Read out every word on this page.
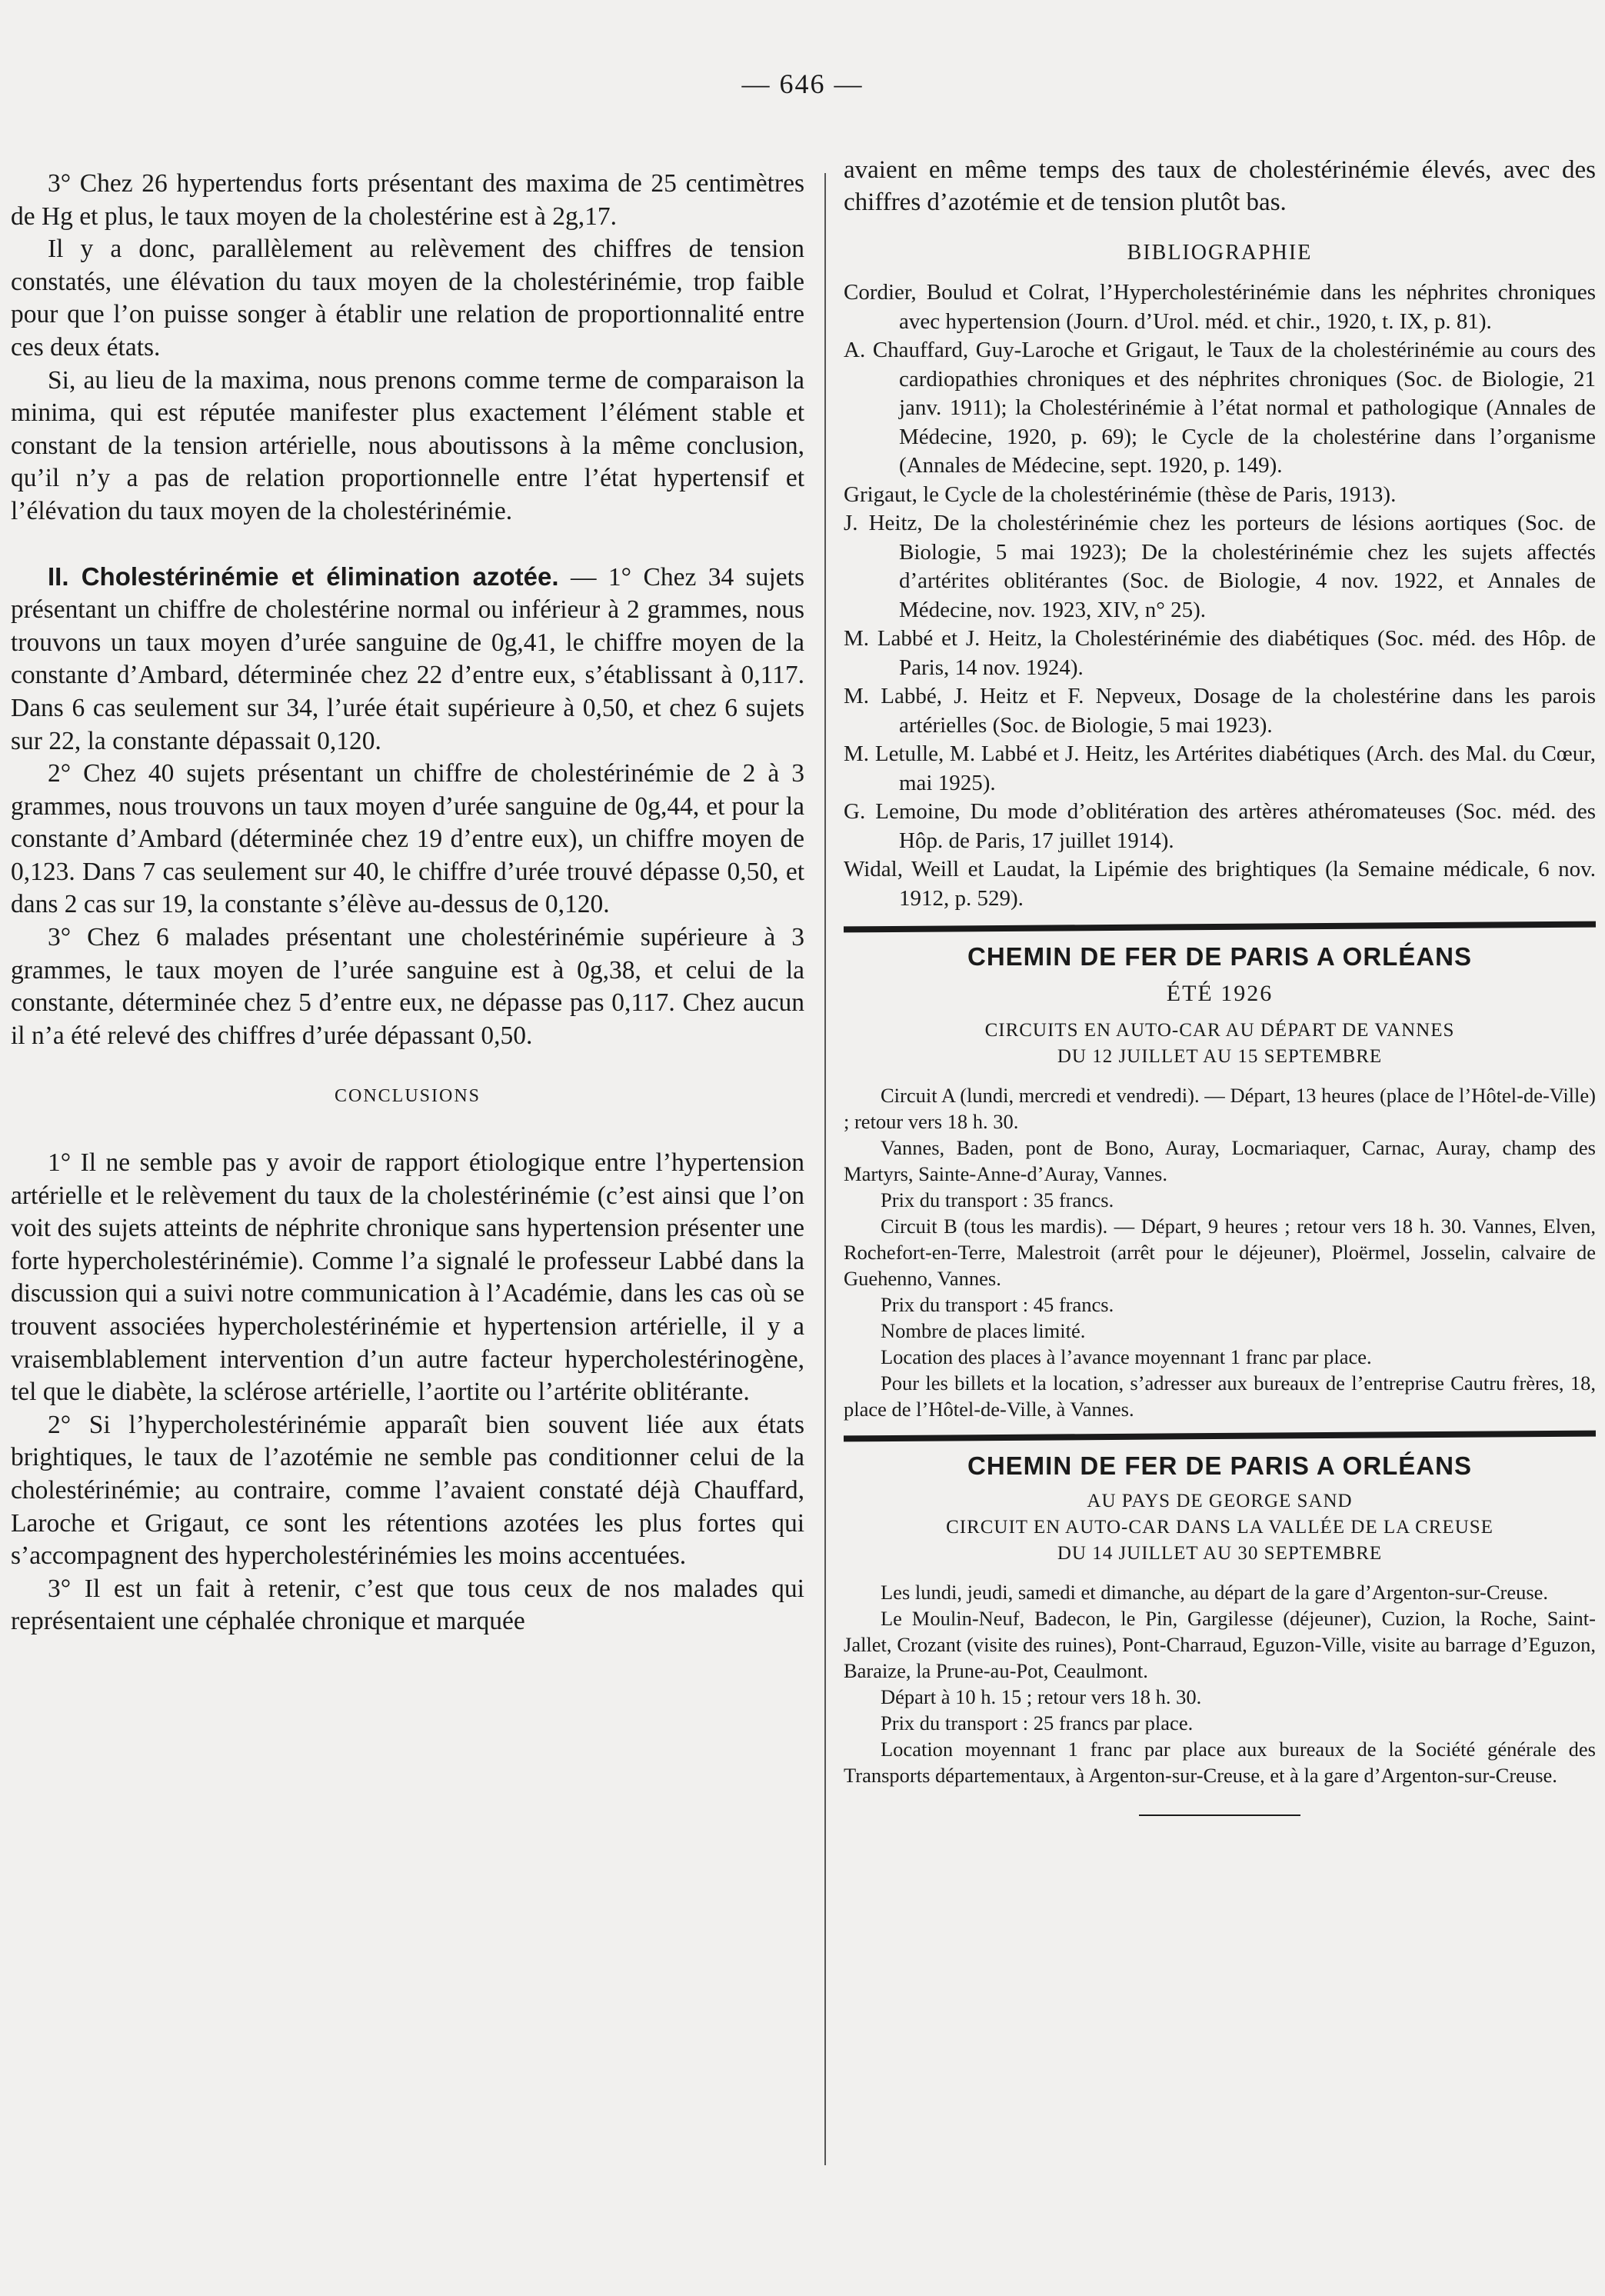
— 646 —

3° Chez 26 hypertendus forts présentant des maxima de 25 centimètres de Hg et plus, le taux moyen de la cholestérine est à 2g,17.

Il y a donc, parallèlement au relèvement des chiffres de tension constatés, une élévation du taux moyen de la cholestérinémie, trop faible pour que l’on puisse songer à établir une relation de proportionnalité entre ces deux états.

Si, au lieu de la maxima, nous prenons comme terme de comparaison la minima, qui est réputée manifester plus exactement l’élément stable et constant de la tension artérielle, nous aboutissons à la même conclusion, qu’il n’y a pas de relation proportionnelle entre l’état hypertensif et l’élévation du taux moyen de la cholestérinémie.

II. Cholestérinémie et élimination azotée. — 1° Chez 34 sujets présentant un chiffre de cholestérine normal ou inférieur à 2 grammes, nous trouvons un taux moyen d’urée sanguine de 0g,41, le chiffre moyen de la constante d’Ambard, déterminée chez 22 d’entre eux, s’établissant à 0,117. Dans 6 cas seulement sur 34, l’urée était supérieure à 0,50, et chez 6 sujets sur 22, la constante dépassait 0,120.

2° Chez 40 sujets présentant un chiffre de cholestérinémie de 2 à 3 grammes, nous trouvons un taux moyen d’urée sanguine de 0g,44, et pour la constante d’Ambard (déterminée chez 19 d’entre eux), un chiffre moyen de 0,123. Dans 7 cas seulement sur 40, le chiffre d’urée trouvé dépasse 0,50, et dans 2 cas sur 19, la constante s’élève au-dessus de 0,120.

3° Chez 6 malades présentant une cholestérinémie supérieure à 3 grammes, le taux moyen de l’urée sanguine est à 0g,38, et celui de la constante, déterminée chez 5 d’entre eux, ne dépasse pas 0,117. Chez aucun il n’a été relevé des chiffres d’urée dépassant 0,50.

CONCLUSIONS

1° Il ne semble pas y avoir de rapport étiologique entre l’hypertension artérielle et le relèvement du taux de la cholestérinémie (c’est ainsi que l’on voit des sujets atteints de néphrite chronique sans hypertension présenter une forte hypercholestérinémie). Comme l’a signalé le professeur Labbé dans la discussion qui a suivi notre communication à l’Académie, dans les cas où se trouvent associées hypercholestérinémie et hypertension artérielle, il y a vraisemblablement intervention d’un autre facteur hypercholestérinogène, tel que le diabète, la sclérose artérielle, l’aortite ou l’artérite oblitérante.

2° Si l’hypercholestérinémie apparaît bien souvent liée aux états brightiques, le taux de l’azotémie ne semble pas conditionner celui de la cholestérinémie; au contraire, comme l’avaient constaté déjà Chauffard, Laroche et Grigaut, ce sont les rétentions azotées les plus fortes qui s’accompagnent des hypercholestérinémies les moins accentuées.

3° Il est un fait à retenir, c’est que tous ceux de nos malades qui représentaient une céphalée chronique et marquée

avaient en même temps des taux de cholestérinémie élevés, avec des chiffres d’azotémie et de tension plutôt bas.

BIBLIOGRAPHIE

Cordier, Boulud et Colrat, l’Hypercholestérinémie dans les néphrites chroniques avec hypertension (Journ. d’Urol. méd. et chir., 1920, t. IX, p. 81).

A. Chauffard, Guy-Laroche et Grigaut, le Taux de la cholestérinémie au cours des cardiopathies chroniques et des néphrites chroniques (Soc. de Biologie, 21 janv. 1911); la Cholestérinémie à l’état normal et pathologique (Annales de Médecine, 1920, p. 69); le Cycle de la cholestérine dans l’organisme (Annales de Médecine, sept. 1920, p. 149).

Grigaut, le Cycle de la cholestérinémie (thèse de Paris, 1913).

J. Heitz, De la cholestérinémie chez les porteurs de lésions aortiques (Soc. de Biologie, 5 mai 1923); De la cholestérinémie chez les sujets affectés d’artérites oblitérantes (Soc. de Biologie, 4 nov. 1922, et Annales de Médecine, nov. 1923, XIV, n° 25).

M. Labbé et J. Heitz, la Cholestérinémie des diabétiques (Soc. méd. des Hôp. de Paris, 14 nov. 1924).

M. Labbé, J. Heitz et F. Nepveux, Dosage de la cholestérine dans les parois artérielles (Soc. de Biologie, 5 mai 1923).

M. Letulle, M. Labbé et J. Heitz, les Artérites diabétiques (Arch. des Mal. du Cœur, mai 1925).

G. Lemoine, Du mode d’oblitération des artères athéromateuses (Soc. méd. des Hôp. de Paris, 17 juillet 1914).

Widal, Weill et Laudat, la Lipémie des brightiques (la Semaine médicale, 6 nov. 1912, p. 529).

CHEMIN DE FER DE PARIS A ORLÉANS
ÉTÉ 1926
CIRCUITS EN AUTO-CAR AU DÉPART DE VANNES
DU 12 JUILLET AU 15 SEPTEMBRE

Circuit A (lundi, mercredi et vendredi). — Départ, 13 heures (place de l’Hôtel-de-Ville) ; retour vers 18 h. 30.

Vannes, Baden, pont de Bono, Auray, Locmariaquer, Carnac, Auray, champ des Martyrs, Sainte-Anne-d’Auray, Vannes.

Prix du transport : 35 francs.

Circuit B (tous les mardis). — Départ, 9 heures ; retour vers 18 h. 30. Vannes, Elven, Rochefort-en-Terre, Malestroit (arrêt pour le déjeuner), Ploërmel, Josselin, calvaire de Guehenno, Vannes.

Prix du transport : 45 francs.

Nombre de places limité.

Location des places à l’avance moyennant 1 franc par place.

Pour les billets et la location, s’adresser aux bureaux de l’entreprise Cautru frères, 18, place de l’Hôtel-de-Ville, à Vannes.

CHEMIN DE FER DE PARIS A ORLÉANS
AU PAYS DE GEORGE SAND
CIRCUIT EN AUTO-CAR DANS LA VALLÉE DE LA CREUSE
DU 14 JUILLET AU 30 SEPTEMBRE

Les lundi, jeudi, samedi et dimanche, au départ de la gare d’Argenton-sur-Creuse.

Le Moulin-Neuf, Badecon, le Pin, Gargilesse (déjeuner), Cuzion, la Roche, Saint-Jallet, Crozant (visite des ruines), Pont-Charraud, Eguzon-Ville, visite au barrage d’Eguzon, Baraize, la Prune-au-Pot, Ceaulmont.

Départ à 10 h. 15 ; retour vers 18 h. 30.

Prix du transport : 25 francs par place.

Location moyennant 1 franc par place aux bureaux de la Société générale des Transports départementaux, à Argenton-sur-Creuse, et à la gare d’Argenton-sur-Creuse.
